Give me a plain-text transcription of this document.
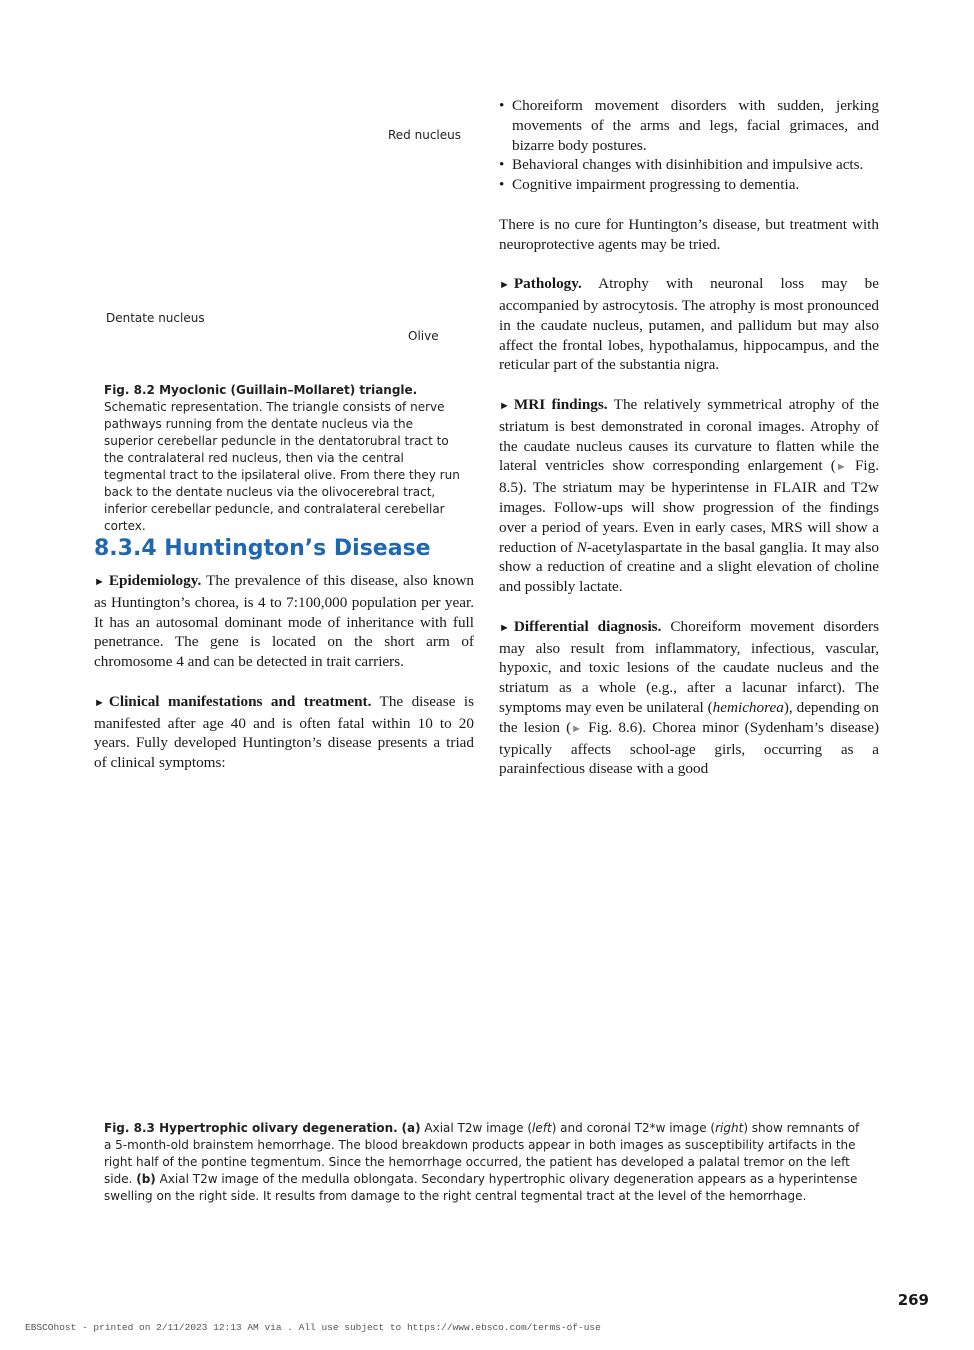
Red nucleus
Dentate nucleus
Olive
Fig. 8.2 Myoclonic (Guillain–Mollaret) triangle. Schematic representation. The triangle consists of nerve pathways running from the dentate nucleus via the superior cerebellar peduncle in the dentatorubral tract to the contralateral red nucleus, then via the central tegmental tract to the ipsilateral olive. From there they run back to the dentate nucleus via the olivocerebral tract, inferior cerebellar peduncle, and contralateral cerebellar cortex.
8.3.4 Huntington’s Disease

► Epidemiology. The prevalence of this disease, also known as Huntington’s chorea, is 4 to 7:100,000 population per year. It has an autosomal dominant mode of inheritance with full penetrance. The gene is located on the short arm of chromosome 4 and can be detected in trait carriers.

► Clinical manifestations and treatment. The disease is manifested after age 40 and is often fatal within 10 to 20 years. Fully developed Huntington’s disease presents a triad of clinical symptoms:

• Choreiform movement disorders with sudden, jerking movements of the arms and legs, facial grimaces, and bizarre body postures.
• Behavioral changes with disinhibition and impulsive acts.
• Cognitive impairment progressing to dementia.

There is no cure for Huntington’s disease, but treatment with neuroprotective agents may be tried.

► Pathology. Atrophy with neuronal loss may be accompanied by astrocytosis. The atrophy is most pronounced in the caudate nucleus, putamen, and pallidum but may also affect the frontal lobes, hypothalamus, hippocampus, and the reticular part of the substantia nigra.

► MRI findings. The relatively symmetrical atrophy of the striatum is best demonstrated in coronal images. Atrophy of the caudate nucleus causes its curvature to flatten while the lateral ventricles show corresponding enlargement (► Fig. 8.5). The striatum may be hyperintense in FLAIR and T2w images. Follow-ups will show progression of the findings over a period of years. Even in early cases, MRS will show a reduction of N-acetylaspartate in the basal ganglia. It may also show a reduction of creatine and a slight elevation of choline and possibly lactate.

► Differential diagnosis. Choreiform movement disorders may also result from inflammatory, infectious, vascular, hypoxic, and toxic lesions of the caudate nucleus and the striatum as a whole (e.g., after a lacunar infarct). The symptoms may even be unilateral (hemichorea), depending on the lesion (► Fig. 8.6). Chorea minor (Sydenham’s disease) typically affects school-age girls, occurring as a parainfectious disease with a good

Fig. 8.3 Hypertrophic olivary degeneration. (a) Axial T2w image (left) and coronal T2*w image (right) show remnants of a 5-month-old brainstem hemorrhage. The blood breakdown products appear in both images as susceptibility artifacts in the right half of the pontine tegmentum. Since the hemorrhage occurred, the patient has developed a palatal tremor on the left side. (b) Axial T2w image of the medulla oblongata. Secondary hypertrophic olivary degeneration appears as a hyperintense swelling on the right side. It results from damage to the right central tegmental tract at the level of the hemorrhage.
269
EBSCOhost - printed on 2/11/2023 12:13 AM via . All use subject to https://www.ebsco.com/terms-of-use
